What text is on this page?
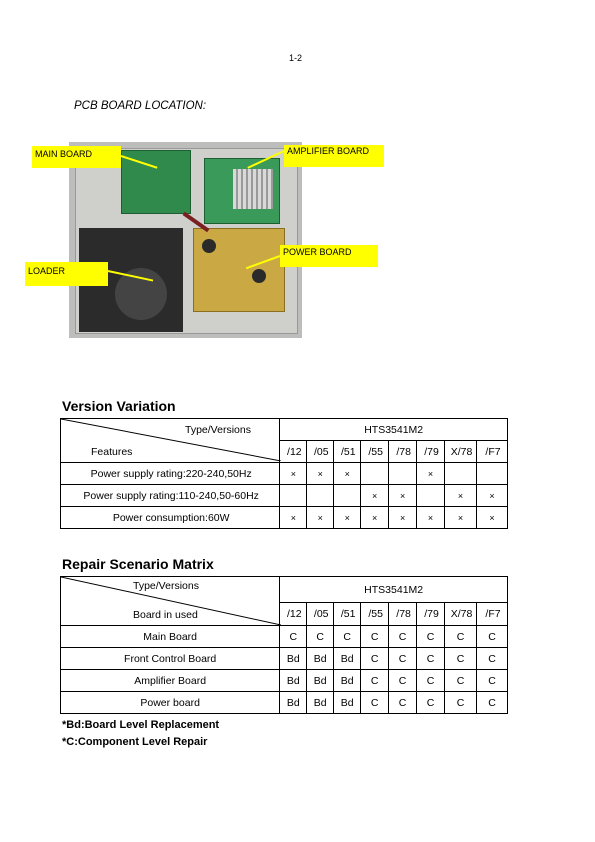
1-2
PCB BOARD LOCATION:
MAIN BOARD	AMPLIFIER BOARD
POWER BOARD
LOADER
Version Variation
Type/Versions
Features	HTS3541M2							
	/12	/05	/51	/55	/78	/79	X/78	/F7
Power supply rating:220-240,50Hz	×	×	×			×		
Power supply rating:110-240,50-60Hz				×	×		×	×
Power consumption:60W	×	×	×	×	×	×	×	×
Repair Scenario Matrix
Type/Versions
Board in used	HTS3541M2							
	/12	/05	/51	/55	/78	/79	X/78	/F7
Main Board	C	C	C	C	C	C	C	C
Front Control Board	Bd	Bd	Bd	C	C	C	C	C
Amplifier Board	Bd	Bd	Bd	C	C	C	C	C
Power board	Bd	Bd	Bd	C	C	C	C	C
*Bd:Board Level Replacement
*C:Component Level Repair
